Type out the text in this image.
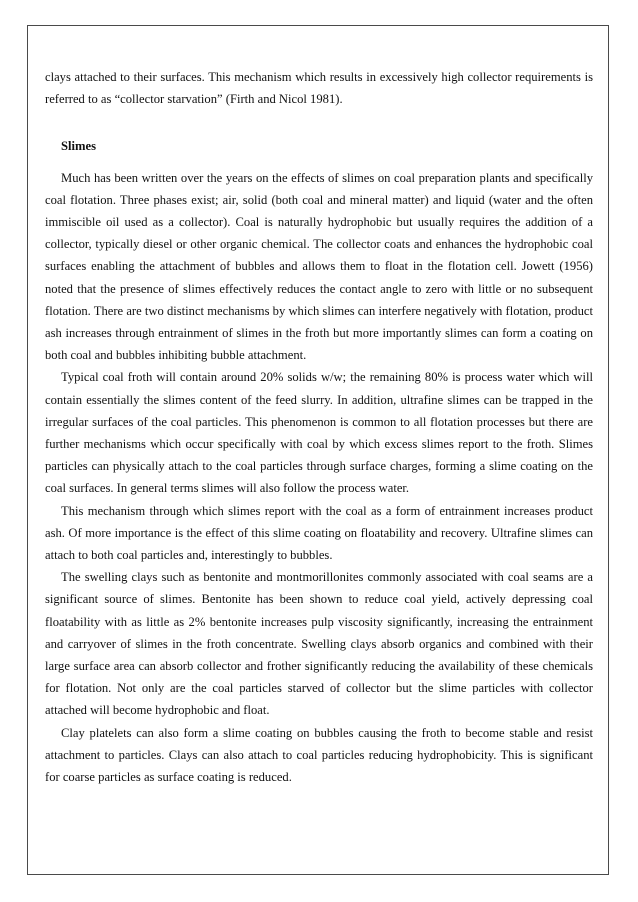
clays attached to their surfaces. This mechanism which results in excessively high collector requirements is referred to as “collector starvation” (Firth and Nicol 1981).

Slimes

Much has been written over the years on the effects of slimes on coal preparation plants and specifically coal flotation. Three phases exist; air, solid (both coal and mineral matter) and liquid (water and the often immiscible oil used as a collector). Coal is naturally hydrophobic but usually requires the addition of a collector, typically diesel or other organic chemical. The collector coats and enhances the hydrophobic coal surfaces enabling the attachment of bubbles and allows them to float in the flotation cell. Jowett (1956) noted that the presence of slimes effectively reduces the contact angle to zero with little or no subsequent flotation. There are two distinct mechanisms by which slimes can interfere negatively with flotation, product ash increases through entrainment of slimes in the froth but more importantly slimes can form a coating on both coal and bubbles inhibiting bubble attachment.

Typical coal froth will contain around 20% solids w/w; the remaining 80% is process water which will contain essentially the slimes content of the feed slurry. In addition, ultrafine slimes can be trapped in the irregular surfaces of the coal particles. This phenomenon is common to all flotation processes but there are further mechanisms which occur specifically with coal by which excess slimes report to the froth. Slimes particles can physically attach to the coal particles through surface charges, forming a slime coating on the coal surfaces. In general terms slimes will also follow the process water.

This mechanism through which slimes report with the coal as a form of entrainment increases product ash. Of more importance is the effect of this slime coating on floatability and recovery. Ultrafine slimes can attach to both coal particles and, interestingly to bubbles.

The swelling clays such as bentonite and montmorillonites commonly associated with coal seams are a significant source of slimes. Bentonite has been shown to reduce coal yield, actively depressing coal floatability with as little as 2% bentonite increases pulp viscosity significantly, increasing the entrainment and carryover of slimes in the froth concentrate. Swelling clays absorb organics and combined with their large surface area can absorb collector and frother significantly reducing the availability of these chemicals for flotation. Not only are the coal particles starved of collector but the slime particles with collector attached will become hydrophobic and float.

Clay platelets can also form a slime coating on bubbles causing the froth to become stable and resist attachment to particles. Clays can also attach to coal particles reducing hydrophobicity. This is significant for coarse particles as surface coating is reduced.
